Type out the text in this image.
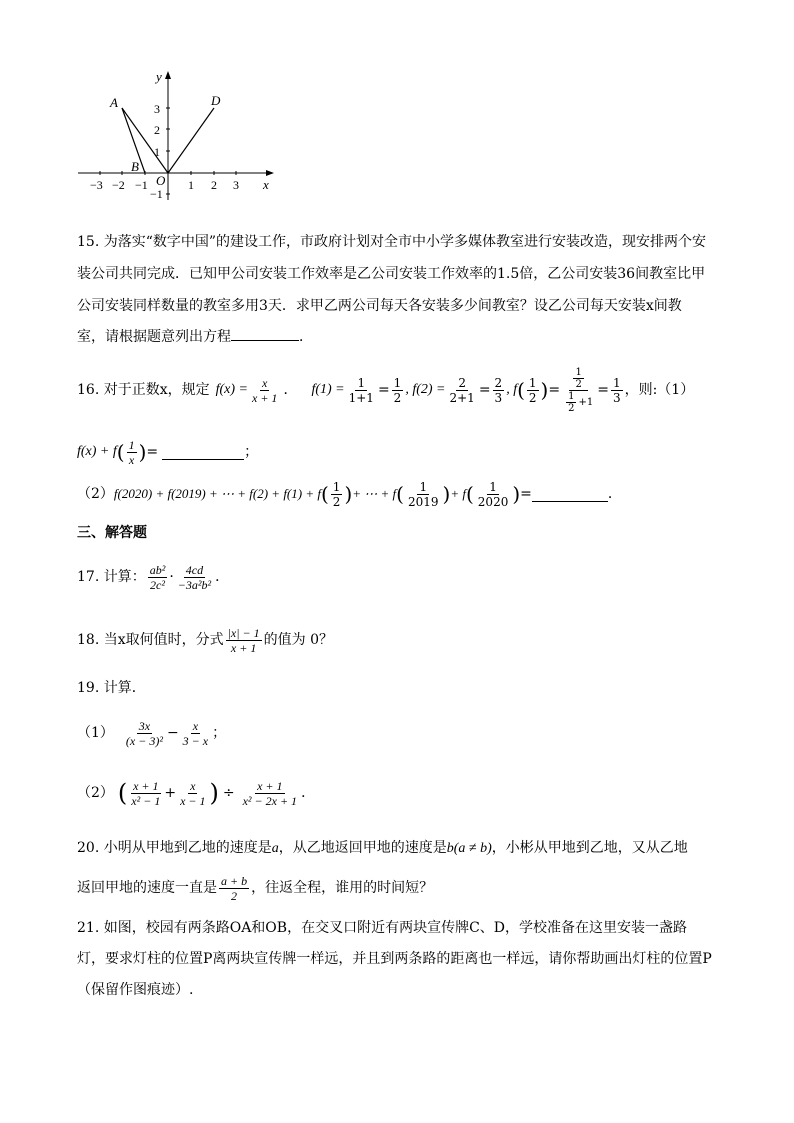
y
x
A
B
D
O
3
2
1
−1
−3 −2 −1	1 2 3
15. 为落实“数字中国”的建设工作，市政府计划对全市中小学多媒体教室进行安装改造，现安排两个安
装公司共同完成．已知甲公司安装工作效率是乙公司安装工作效率的1.5倍，乙公司安装36间教室比甲
公司安装同样数量的教室多用3天．求甲乙两公司每天各安装多少间教室？设乙公司每天安装x间教
室，请根据题意列出方程	．
16. 对于正数x，规定 $f(x) = \frac{x}{x + 1}$ ． $f(1) = \frac{1}{1+1} = \frac{1}{2}$ , $f(2) = \frac{2}{2+1} = \frac{2}{3}$ , f ( $\frac{1}{2}$ ) = $\frac{\frac{1}{2}}{\frac{1}{2} +1} = \frac{1}{3}$ ，则:（1）
f(x) + f ( $\frac{1}{x}$ ) =	；
（2） f(2020) + f(2019) + ⋯ + f(2) + f(1) + f ( $\frac{1}{2}$ ) + ⋯ + f ( $\frac{1}{2019}$ ) + f ( $\frac{1}{2020}$ ) =	．
三、解答题
17. 计算： $\frac{\text{ab²}}{\text{2c²}} \cdot \frac{4cd}{\text{−3a²b²}}$ ．
18. 当x取何值时，分式 $\frac{|x| - 1}{x + 1}$ 的值为 0？
19. 计算．
$(1) \frac{3x}{\text{(x − 3)²}} - \frac{x}{3 - x}$ ；
（2） ( $\frac{x + 1}{\text{x² − 1}} + \frac{x}{x - 1}$ ) ÷ $\frac{x + 1}{\text{x² − 2x + 1}}$ ．
20. 小明从甲地到乙地的速度是a，从乙地返回甲地的速度是b(a ≠ b)，小彬从甲地到乙地，又从乙地
返回甲地的速度一直是 $\frac{a + b}{2}$ ，往返全程，谁用的时间短？
21. 如图，校园有两条路OA和OB，在交叉口附近有两块宣传牌C、D，学校准备在这里安装一盏路
灯，要求灯柱的位置P离两块宣传牌一样远，并且到两条路的距离也一样远，请你帮助画出灯柱的位置P
（保留作图痕迹）.
